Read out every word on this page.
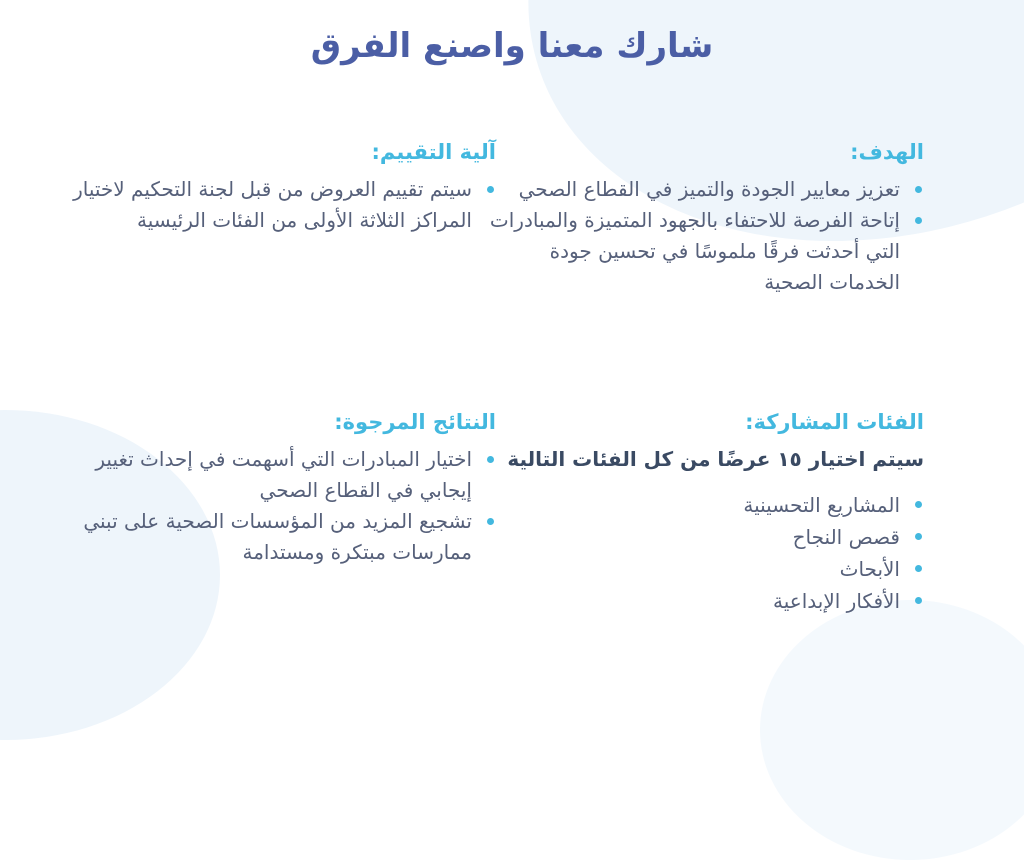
شارك معنا واصنع الفرق
الهدف:
تعزيز معايير الجودة والتميز في القطاع الصحي
إتاحة الفرصة للاحتفاء بالجهود المتميزة والمبادرات التي أحدثت فرقًا ملموسًا في تحسين جودة الخدمات الصحية
آلية التقييم:
سيتم تقييم العروض من قبل لجنة التحكيم لاختيار المراكز الثلاثة الأولى من الفئات الرئيسية
الفئات المشاركة:

سيتم اختيار ١٥ عرضًا من كل الفئات التالية

المشاريع التحسينية
قصص النجاح
الأبحاث
الأفكار الإبداعية
النتائج المرجوة:
اختيار المبادرات التي أسهمت في إحداث تغيير إيجابي في القطاع الصحي
تشجيع المزيد من المؤسسات الصحية على تبني ممارسات مبتكرة ومستدامة
